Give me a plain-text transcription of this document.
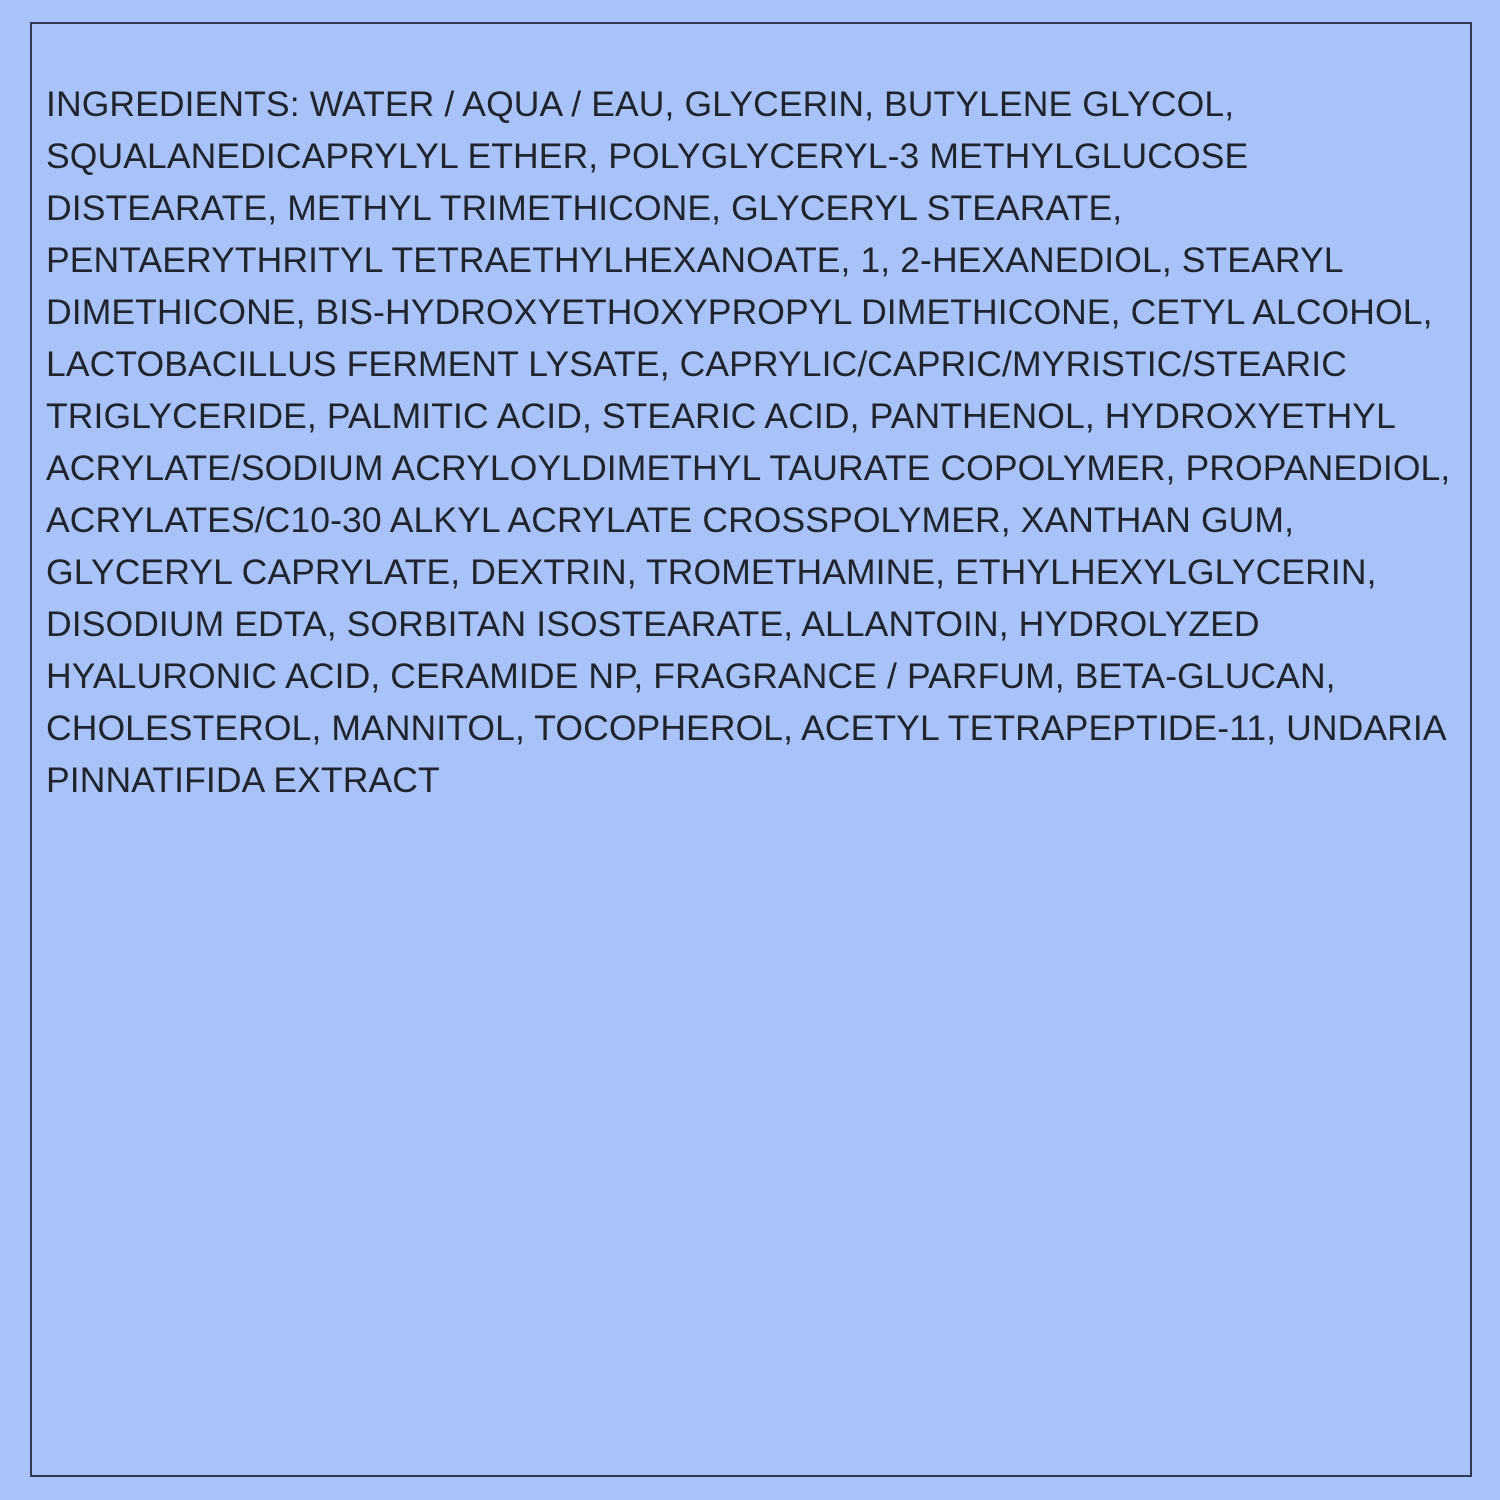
INGREDIENTS: WATER / AQUA / EAU, GLYCERIN, BUTYLENE GLYCOL, SQUALANEDICAPRYLYL ETHER, POLYGLYCERYL-3 METHYLGLUCOSE DISTEARATE, METHYL TRIMETHICONE, GLYCERYL STEARATE, PENTAERYTHRITYL TETRAETHYLHEXANOATE, 1, 2-HEXANEDIOL, STEARYL DIMETHICONE, BIS-HYDROXYETHOXYPROPYL DIMETHICONE, CETYL ALCOHOL, LACTOBACILLUS FERMENT LYSATE, CAPRYLIC/CAPRIC/MYRISTIC/STEARIC TRIGLYCERIDE, PALMITIC ACID, STEARIC ACID, PANTHENOL, HYDROXYETHYL ACRYLATE/SODIUM ACRYLOYLDIMETHYL TAURATE COPOLYMER, PROPANEDIOL, ACRYLATES/C10-30 ALKYL ACRYLATE CROSSPOLYMER, XANTHAN GUM, GLYCERYL CAPRYLATE, DEXTRIN, TROMETHAMINE, ETHYLHEXYLGLYCERIN, DISODIUM EDTA, SORBITAN ISOSTEARATE, ALLANTOIN, HYDROLYZED HYALURONIC ACID, CERAMIDE NP, FRAGRANCE / PARFUM, BETA-GLUCAN, CHOLESTEROL, MANNITOL, TOCOPHEROL, ACETYL TETRAPEPTIDE-11, UNDARIA PINNATIFIDA EXTRACT
